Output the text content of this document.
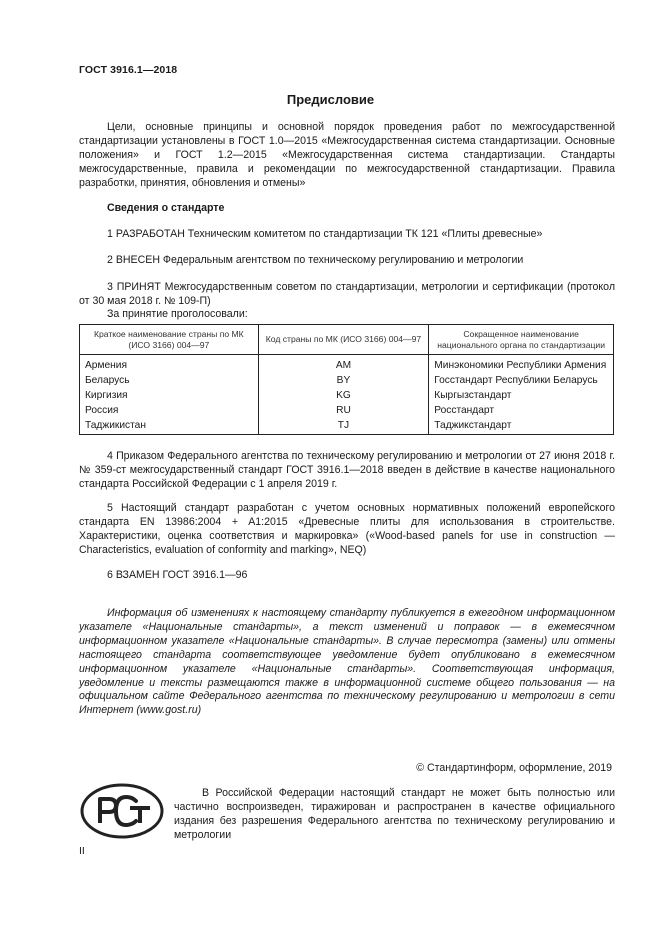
ГОСТ 3916.1—2018
Предисловие
Цели, основные принципы и основной порядок проведения работ по межгосударственной стандартизации установлены в ГОСТ 1.0—2015 «Межгосударственная система стандартизации. Основные положения» и ГОСТ 1.2—2015 «Межгосударственная система стандартизации. Стандарты межгосударственные, правила и рекомендации по межгосударственной стандартизации. Правила разработки, принятия, обновления и отмены»
Сведения о стандарте
1 РАЗРАБОТАН Техническим комитетом по стандартизации ТК 121 «Плиты древесные»
2 ВНЕСЕН Федеральным агентством по техническому регулированию и метрологии
3 ПРИНЯТ Межгосударственным советом по стандартизации, метрологии и сертификации (протокол от 30 мая 2018 г. № 109-П)
За принятие проголосовали:
Краткое наименование страны по МК (ИСО 3166) 004—97	Код страны по МК (ИСО 3166) 004—97	Сокращенное наименование национального органа по стандартизации
Армения	AM	Минэкономики Республики Армения
Беларусь	BY	Госстандарт Республики Беларусь
Киргизия	KG	Кыргызстандарт
Россия	RU	Росстандарт
Таджикистан	TJ	Таджикстандарт
4 Приказом Федерального агентства по техническому регулированию и метрологии от 27 июня 2018 г. № 359-ст межгосударственный стандарт ГОСТ 3916.1—2018 введен в действие в качестве национального стандарта Российской Федерации с 1 апреля 2019 г.
5 Настоящий стандарт разработан с учетом основных нормативных положений европейского стандарта EN 13986:2004 + A1:2015 «Древесные плиты для использования в строительстве. Характеристики, оценка соответствия и маркировка» («Wood-based panels for use in construction — Characteristics, evaluation of conformity and marking», NEQ)
6 ВЗАМЕН ГОСТ 3916.1—96
Информация об изменениях к настоящему стандарту публикуется в ежегодном информационном указателе «Национальные стандарты», а текст изменений и поправок — в ежемесячном информационном указателе «Национальные стандарты». В случае пересмотра (замены) или отмены настоящего стандарта соответствующее уведомление будет опубликовано в ежемесячном информационном указателе «Национальные стандарты». Соответствующая информация, уведомление и тексты размещаются также в информационной системе общего пользования — на официальном сайте Федерального агентства по техническому регулированию и метрологии в сети Интернет (www.gost.ru)
© Стандартинформ, оформление, 2019
В Российской Федерации настоящий стандарт не может быть полностью или частично воспроизведен, тиражирован и распространен в качестве официального издания без разрешения Федерального агентства по техническому регулированию и метрологии
II
